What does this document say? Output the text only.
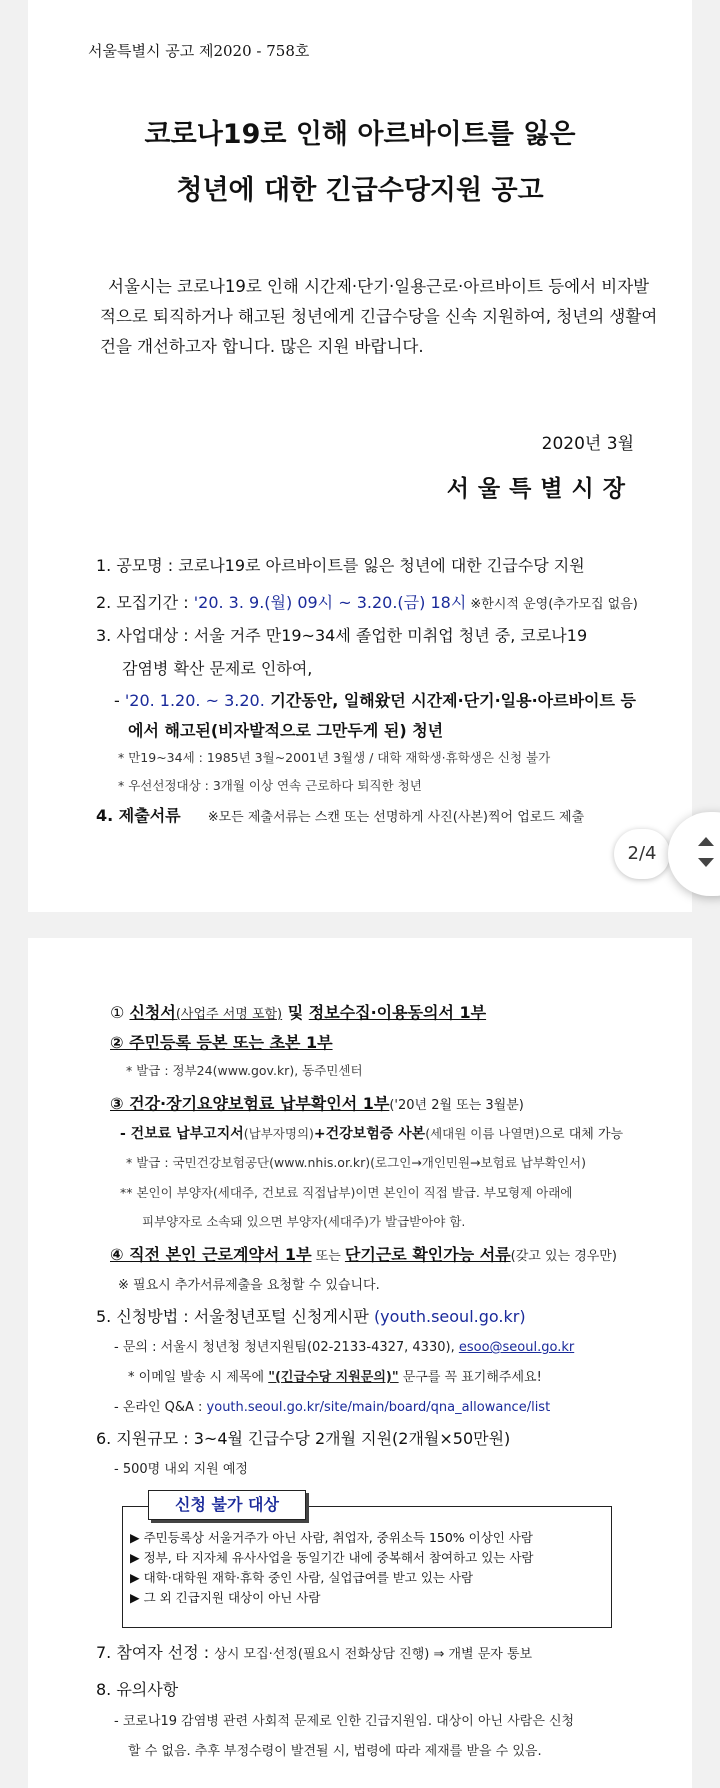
서울특별시 공고 제2020 - 758호
코로나19로 인해 아르바이트를 잃은
청년에 대한 긴급수당지원 공고
서울시는 코로나19로 인해 시간제·단기·일용근로·아르바이트 등에서 비자발적으로 퇴직하거나 해고된 청년에게 긴급수당을 신속 지원하여, 청년의 생활여건을 개선하고자 합니다. 많은 지원 바랍니다.
2020년 3월
서울특별시장
1. 공모명 : 코로나19로 아르바이트를 잃은 청년에 대한 긴급수당 지원
2. 모집기간 : '20. 3. 9.(월) 09시 ~ 3.20.(금) 18시 ※한시적 운영(추가모집 없음)
3. 사업대상 : 서울 거주 만19~34세 졸업한 미취업 청년 중, 코로나19
감염병 확산 문제로 인하여,
- '20. 1.20. ~ 3.20. 기간동안, 일해왔던 시간제·단기·일용·아르바이트 등
에서 해고된(비자발적으로 그만두게 된) 청년
* 만19~34세 : 1985년 3월~2001년 3월생 / 대학 재학생·휴학생은 신청 불가
* 우선선정대상 : 3개월 이상 연속 근로하다 퇴직한 청년
4. 제출서류 ※모든 제출서류는 스캔 또는 선명하게 사진(사본)찍어 업로드 제출
2/4
① 신청서(사업주 서명 포함) 및 정보수집·이용동의서 1부
② 주민등록 등본 또는 초본 1부
* 발급 : 정부24(www.gov.kr), 동주민센터
③ 건강·장기요양보험료 납부확인서 1부('20년 2월 또는 3월분)
- 건보료 납부고지서(납부자명의)+건강보험증 사본(세대원 이름 나열면)으로 대체 가능
* 발급 : 국민건강보험공단(www.nhis.or.kr)(로그인→개인민원→보험료 납부확인서)
** 본인이 부양자(세대주, 건보료 직접납부)이면 본인이 직접 발급. 부모형제 아래에
피부양자로 소속돼 있으면 부양자(세대주)가 발급받아야 함.
④ 직전 본인 근로계약서 1부 또는 단기근로 확인가능 서류(갖고 있는 경우만)
※ 필요시 추가서류제출을 요청할 수 있습니다.
5. 신청방법 : 서울청년포털 신청게시판 (youth.seoul.go.kr)
- 문의 : 서울시 청년청 청년지원팀(02-2133-4327, 4330), esoo@seoul.go.kr
* 이메일 발송 시 제목에 "(긴급수당 지원문의)" 문구를 꼭 표기해주세요!
- 온라인 Q&A : youth.seoul.go.kr/site/main/board/qna_allowance/list
6. 지원규모 : 3~4월 긴급수당 2개월 지원(2개월×50만원)
- 500명 내외 지원 예정
신청 불가 대상
▶ 주민등록상 서울거주가 아닌 사람, 취업자, 중위소득 150% 이상인 사람
▶ 정부, 타 지자체 유사사업을 동일기간 내에 중복해서 참여하고 있는 사람
▶ 대학·대학원 재학·휴학 중인 사람, 실업급여를 받고 있는 사람
▶ 그 외 긴급지원 대상이 아닌 사람
7. 참여자 선정 : 상시 모집·선정(필요시 전화상담 진행) ⇒ 개별 문자 통보
8. 유의사항
- 코로나19 감염병 관련 사회적 문제로 인한 긴급지원임. 대상이 아닌 사람은 신청
할 수 없음. 추후 부정수령이 발견될 시, 법령에 따라 제재를 받을 수 있음.
